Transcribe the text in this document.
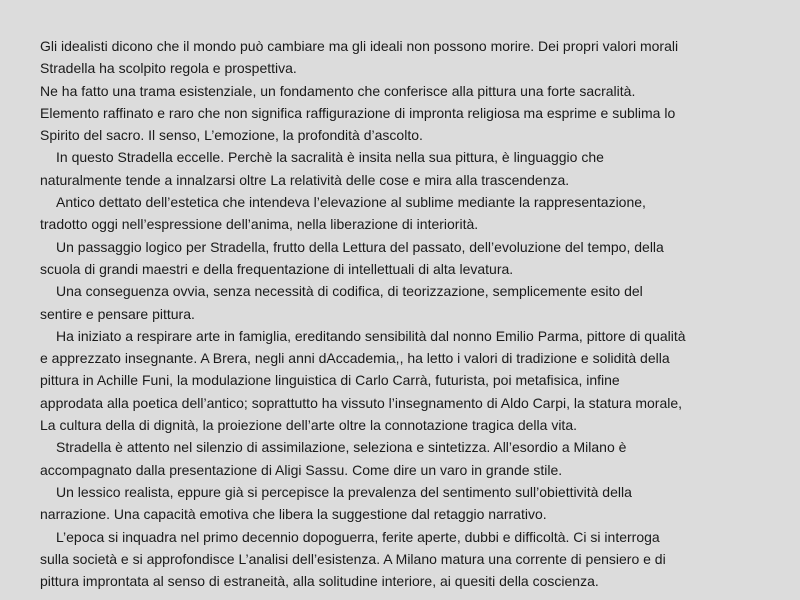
Gli idealisti dicono che il mondo può cambiare ma gli ideali non possono morire. Dei propri valori morali
Stradella ha scolpito regola e prospettiva.
Ne ha fatto una trama esistenziale, un fondamento che conferisce alla pittura una forte sacralità.
Elemento raffinato e raro che non significa raffigurazione di impronta religiosa ma esprime e sublima lo
Spirito del sacro. Il senso, L’emozione, la profondità d’ascolto.
In questo Stradella eccelle. Perchè la sacralità è insita nella sua pittura, è linguaggio che
naturalmente tende a innalzarsi oltre La relatività delle cose e mira alla trascendenza.
Antico dettato dell’estetica che intendeva l’elevazione al sublime mediante la rappresentazione,
tradotto oggi nell’espressione dell’anima, nella liberazione di interiorità.
Un passaggio logico per Stradella, frutto della Lettura del passato, dell’evoluzione del tempo, della
scuola di grandi maestri e della frequentazione di intellettuali di alta levatura.
Una conseguenza ovvia, senza necessità di codifica, di teorizzazione, semplicemente esito del
sentire e pensare pittura.
Ha iniziato a respirare arte in famiglia, ereditando sensibilità dal nonno Emilio Parma, pittore di qualità
e apprezzato insegnante. A Brera, negli anni dAccademia,, ha letto i valori di tradizione e solidità della
pittura in Achille Funi, la modulazione linguistica di Carlo Carrà, futurista, poi metafisica, infine
approdata alla poetica dell’antico; soprattutto ha vissuto l’insegnamento di Aldo Carpi, la statura morale,
La cultura della di dignità, la proiezione dell’arte oltre la connotazione tragica della vita.
Stradella è attento nel silenzio di assimilazione, seleziona e sintetizza. All’esordio a Milano è
accompagnato dalla presentazione di Aligi Sassu. Come dire un varo in grande stile.
Un lessico realista, eppure già si percepisce la prevalenza del sentimento sull’obiettività della
narrazione. Una capacità emotiva che libera la suggestione dal retaggio narrativo.
L’epoca si inquadra nel primo decennio dopoguerra, ferite aperte, dubbi e difficoltà. Ci si interroga
sulla società e si approfondisce L’analisi dell’esistenza. A Milano matura una corrente di pensiero e di
pittura improntata al senso di estraneità, alla solitudine interiore, ai quesiti della coscienza.
